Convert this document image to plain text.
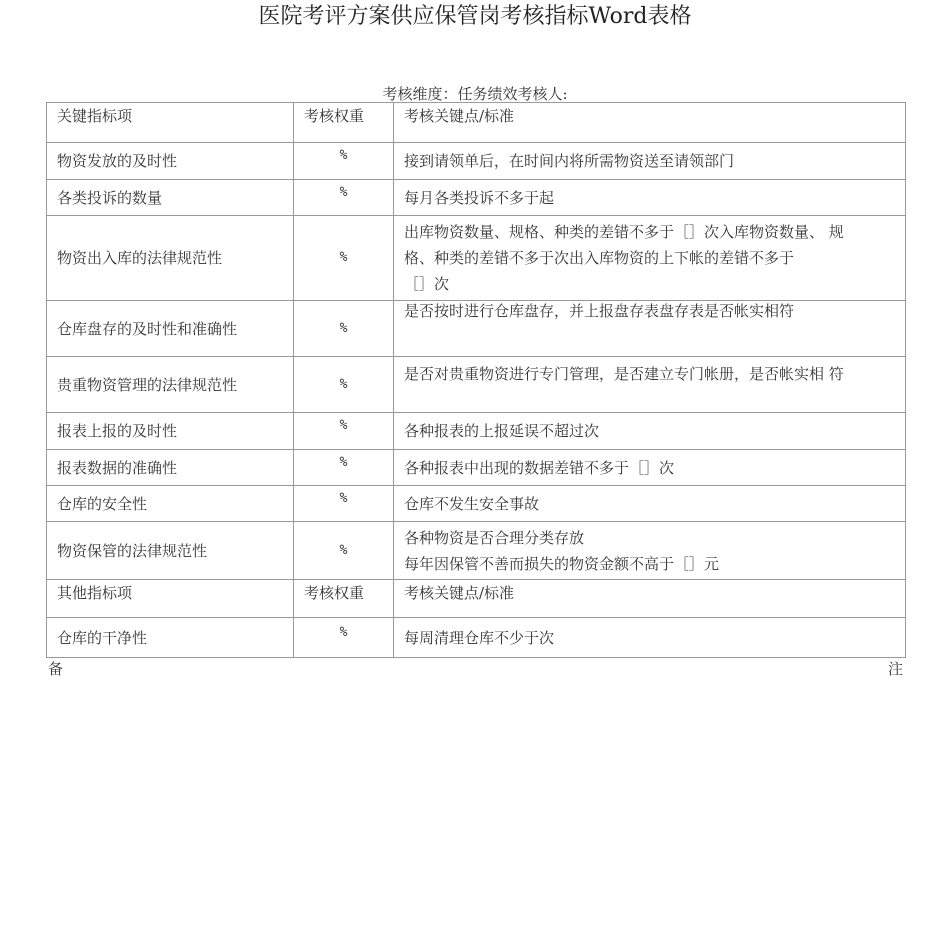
医院考评方案供应保管岗考核指标Word表格
考核维度：任务绩效考核人:
关键指标项	考核权重	考核关键点/标准
物资发放的及时性	%	接到请领单后，在时间内将所需物资送至请领部门
各类投诉的数量	%	每月各类投诉不多于起
物资出入库的法律规范性	%	出库物资数量、规格、种类的差错不多于［］次入库物资数量、 规
格、种类的差错不多于次出入库物资的上下帐的差错不多于
［］次

仓库盘存的及时性和准确性	%	是否按时进行仓库盘存，并上报盘存表盘存表是否帐实相符
贵重物资管理的法律规范性	%	是否对贵重物资进行专门管理，是否建立专门帐册，是否帐实相 符
报表上报的及时性	%	各种报表的上报延误不超过次
报表数据的准确性	%	各种报表中出现的数据差错不多于［］次
仓库的安全性	%	仓库不发生安全事故
物资保管的法律规范性	%	各种物资是否合理分类存放
每年因保管不善而损失的物资金额不高于［］元

其他指标项	考核权重	考核关键点/标准
仓库的干净性	%	每周清理仓库不少于次
备	注
